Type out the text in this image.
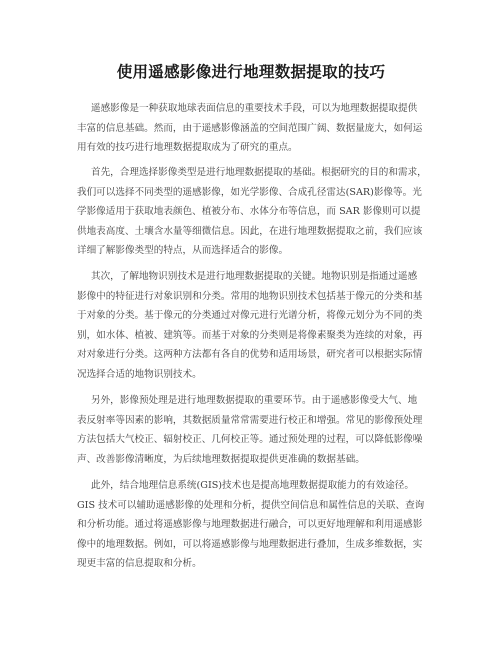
使用遥感影像进行地理数据提取的技巧
遥感影像是一种获取地球表面信息的重要技术手段，可以为地理数据提取提供
丰富的信息基础。然而，由于遥感影像涵盖的空间范围广阔、数据量庞大，如何运
用有效的技巧进行地理数据提取成为了研究的重点。
首先，合理选择影像类型是进行地理数据提取的基础。根据研究的目的和需求，
我们可以选择不同类型的遥感影像，如光学影像、合成孔径雷达(SAR)影像等。光
学影像适用于获取地表颜色、植被分布、水体分布等信息，而 SAR 影像则可以提
供地表高度、土壤含水量等细微信息。因此，在进行地理数据提取之前，我们应该
详细了解影像类型的特点，从而选择适合的影像。
其次，了解地物识别技术是进行地理数据提取的关键。地物识别是指通过遥感
影像中的特征进行对象识别和分类。常用的地物识别技术包括基于像元的分类和基
于对象的分类。基于像元的分类通过对像元进行光谱分析，将像元划分为不同的类
别，如水体、植被、建筑等。而基于对象的分类则是将像素聚类为连续的对象，再
对对象进行分类。这两种方法都有各自的优势和适用场景，研究者可以根据实际情
况选择合适的地物识别技术。
另外，影像预处理是进行地理数据提取的重要环节。由于遥感影像受大气、地
表反射率等因素的影响，其数据质量常常需要进行校正和增强。常见的影像预处理
方法包括大气校正、辐射校正、几何校正等。通过预处理的过程，可以降低影像噪
声、改善影像清晰度，为后续地理数据提取提供更准确的数据基础。
此外，结合地理信息系统(GIS)技术也是提高地理数据提取能力的有效途径。
GIS 技术可以辅助遥感影像的处理和分析，提供空间信息和属性信息的关联、查询
和分析功能。通过将遥感影像与地理数据进行融合，可以更好地理解和利用遥感影
像中的地理数据。例如，可以将遥感影像与地理数据进行叠加，生成多维数据，实
现更丰富的信息提取和分析。
